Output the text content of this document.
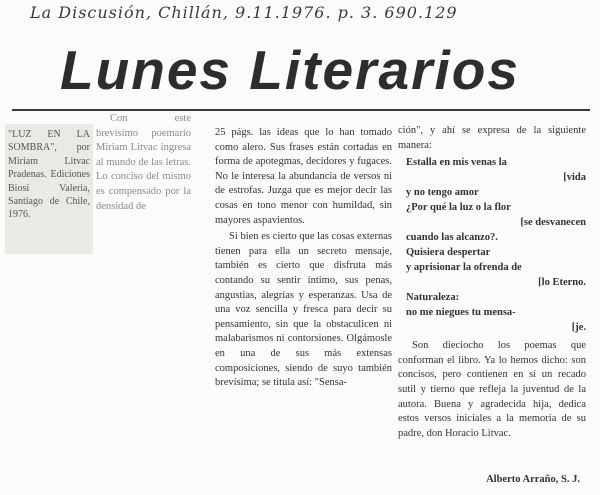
La Discusión, Chillán, 9.11.1976. p. 3. 690.129
Lunes Literarios

"LUZ EN LA SOMBRA", por Miriam Litvac Pradenas. Ediciones Biosí Valeria, Santiago de Chile, 1976.

Con este brevísimo poemario Miriam Litvac ingresa al mundo de las letras. Lo conciso del mismo es compensado por la densidad de

25 págs. las ideas que lo han tomado como alero. Sus frases están cortadas en forma de apotegmas, decidores y fugaces. No le interesa la abundancia de versos ni de estrofas. Juzga que es mejor decir las cosas en tono menor con humildad, sin mayores aspavientos.

Si bien es cierto que las cosas externas tienen para ella un secreto mensaje, también es cierto que disfruta más contando su sentir íntimo, sus penas, angustias, alegrías y esperanzas. Usa de una voz sencilla y fresca para decir su pensamiento, sin que la obstaculicen ni malabarismos ni contorsiones. Olgámosle en una de sus más extensas composiciones, siendo de suyo también brevísima; se titula así: "Sensa-

ción", y ahí se expresa de la siguiente manera:

Estalla en mis venas la
[vida
y no tengo amor
¿Por qué la luz o la flor
[se desvanecen
cuando las alcanzo?.
Quisiera despertar
y aprisionar la ofrenda de
[lo Eterno.
Naturaleza:
no me niegues tu mensa-
[je.

Son dieciocho los poemas que conforman el libro. Ya lo hemos dicho: son concisos, pero contienen en sí un recado sutil y tierno que refleja la juventud de la autora. Buena y agradecida hija, dedica estos versos iniciales a la memoria de su padre, don Horacio Litvac.

Alberto Arraño, S. J.
